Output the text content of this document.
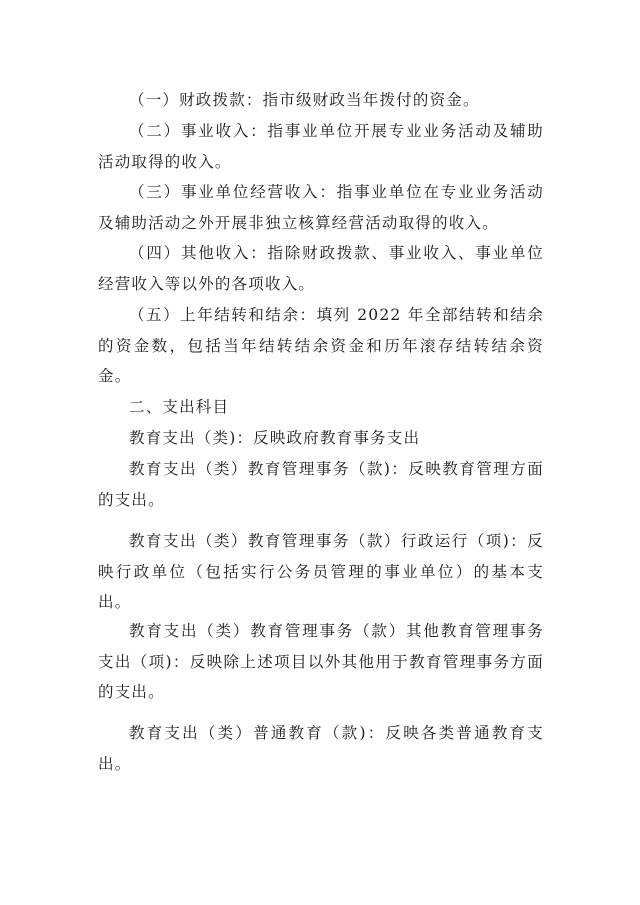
（一）财政拨款：指市级财政当年拨付的资金。

（二）事业收入：指事业单位开展专业业务活动及辅助活动取得的收入。

（三）事业单位经营收入：指事业单位在专业业务活动及辅助活动之外开展非独立核算经营活动取得的收入。

（四）其他收入：指除财政拨款、事业收入、事业单位经营收入等以外的各项收入。

（五）上年结转和结余：填列 2022 年全部结转和结余的资金数，包括当年结转结余资金和历年滚存结转结余资金。

二、支出科目

教育支出（类)：反映政府教育事务支出

教育支出（类）教育管理事务（款)：反映教育管理方面的支出。

教育支出（类）教育管理事务（款）行政运行（项)：反映行政单位（包括实行公务员管理的事业单位）的基本支出。

教育支出（类）教育管理事务（款）其他教育管理事务支出（项)：反映除上述项目以外其他用于教育管理事务方面的支出。

教育支出（类）普通教育（款)：反映各类普通教育支出。
